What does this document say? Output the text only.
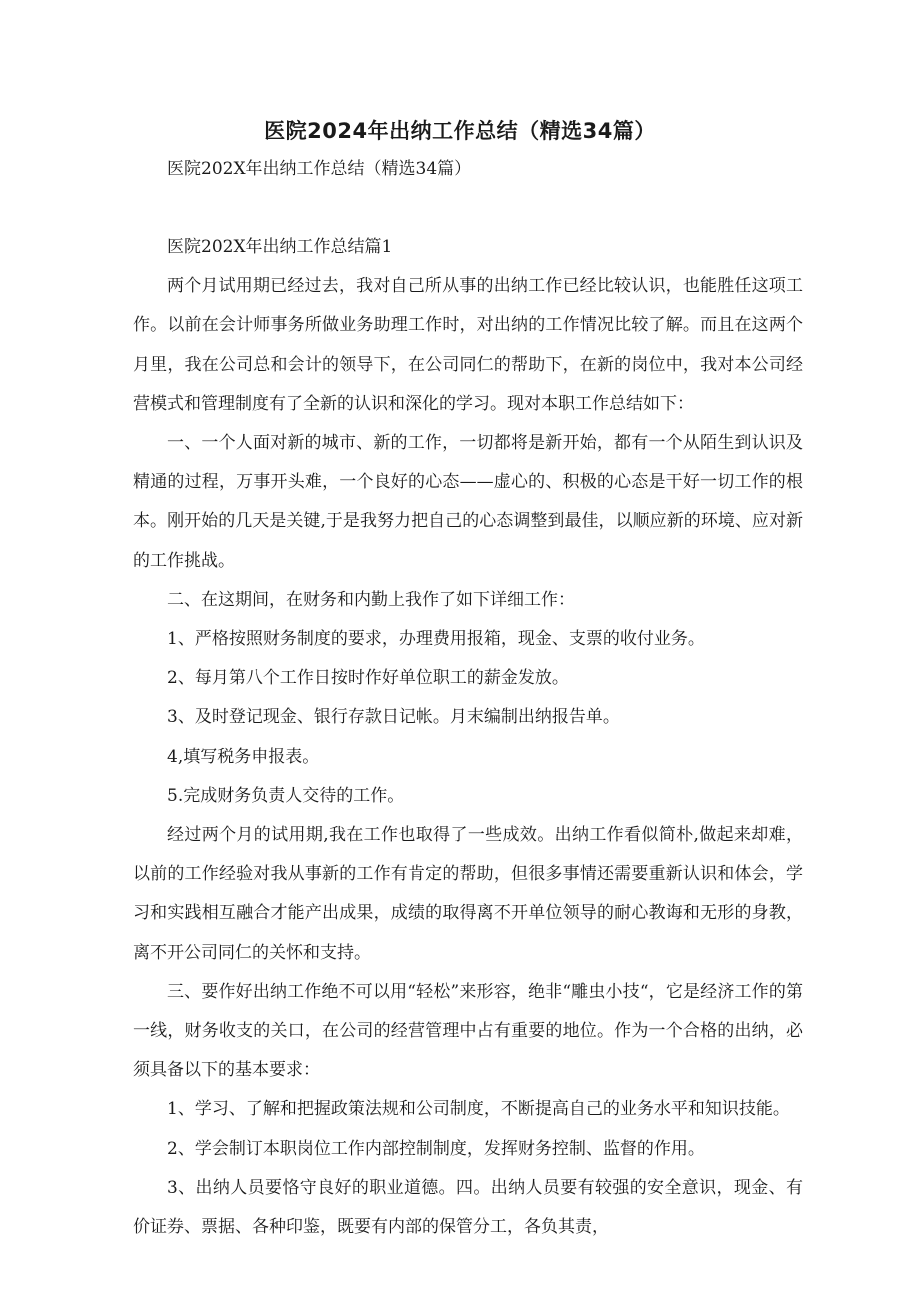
医院2024年出纳工作总结（精选34篇）

医院202X年出纳工作总结（精选34篇）

医院202X年出纳工作总结篇1

两个月试用期已经过去，我对自己所从事的出纳工作已经比较认识，也能胜任这项工作。以前在会计师事务所做业务助理工作时，对出纳的工作情况比较了解。而且在这两个月里，我在公司总和会计的领导下，在公司同仁的帮助下，在新的岗位中，我对本公司经营模式和管理制度有了全新的认识和深化的学习。现对本职工作总结如下：

一、一个人面对新的城市、新的工作，一切都将是新开始，都有一个从陌生到认识及精通的过程，万事开头难，一个良好的心态——虚心的、积极的心态是干好一切工作的根本。刚开始的几天是关键,于是我努力把自己的心态调整到最佳，以顺应新的环境、应对新的工作挑战。

二、在这期间，在财务和内勤上我作了如下详细工作：

1、严格按照财务制度的要求，办理费用报箱，现金、支票的收付业务。

2、每月第八个工作日按时作好单位职工的薪金发放。

3、及时登记现金、银行存款日记帐。月末编制出纳报告单。

4,填写税务申报表。

5.完成财务负责人交待的工作。

经过两个月的试用期,我在工作也取得了一些成效。出纳工作看似简朴,做起来却难，以前的工作经验对我从事新的工作有肯定的帮助，但很多事情还需要重新认识和体会，学习和实践相互融合才能产出成果，成绩的取得离不开单位领导的耐心教诲和无形的身教，离不开公司同仁的关怀和支持。

三、要作好出纳工作绝不可以用“轻松”来形容，绝非“雕虫小技“，它是经济工作的第一线，财务收支的关口，在公司的经营管理中占有重要的地位。作为一个合格的出纳，必须具备以下的基本要求：

1、学习、了解和把握政策法规和公司制度，不断提高自己的业务水平和知识技能。

2、学会制订本职岗位工作内部控制制度，发挥财务控制、监督的作用。

3、出纳人员要恪守良好的职业道德。四。出纳人员要有较强的安全意识，现金、有价证券、票据、各种印鉴，既要有内部的保管分工，各负其责，
